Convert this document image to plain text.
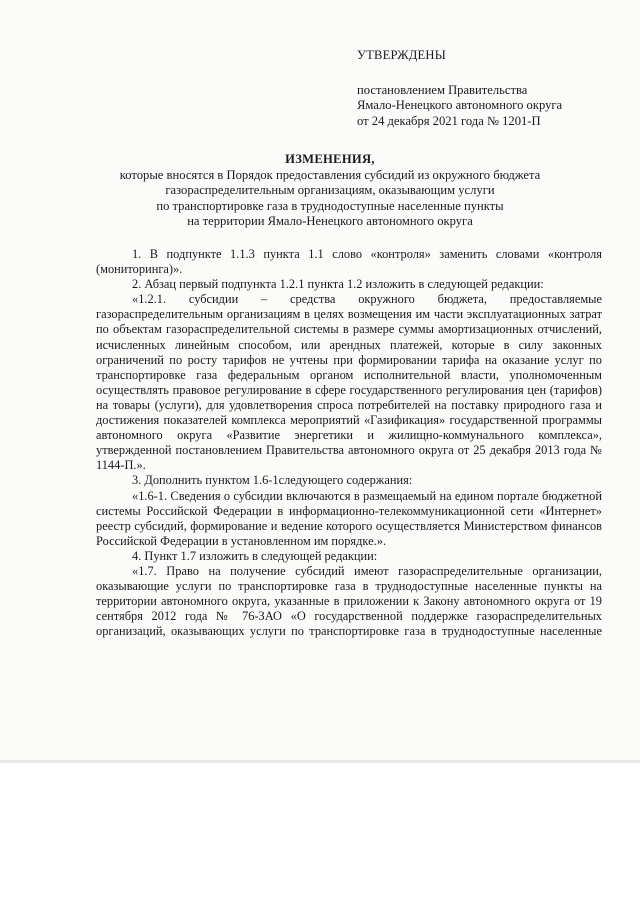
УТВЕРЖДЕНЫ
постановлением Правительства
Ямало-Ненецкого автономного округа
от 24 декабря 2021 года № 1201-П
ИЗМЕНЕНИЯ,
которые вносятся в Порядок предоставления субсидий из окружного бюджета
газораспределительным организациям, оказывающим услуги
по транспортировке газа в труднодоступные населенные пункты
на территории Ямало-Ненецкого автономного округа

1. В подпункте 1.1.3 пункта 1.1 слово «контроля» заменить словами «контроля (мониторинга)».

2. Абзац первый подпункта 1.2.1 пункта 1.2 изложить в следующей редакции:

«1.2.1. субсидии – средства окружного бюджета, предоставляемые газораспределительным организациям в целях возмещения им части эксплуатационных затрат по объектам газораспределительной системы в размере суммы амортизационных отчислений, исчисленных линейным способом, или арендных платежей, которые в силу законных ограничений по росту тарифов не учтены при формировании тарифа на оказание услуг по транспортировке газа федеральным органом исполнительной власти, уполномоченным осуществлять правовое регулирование в сфере государственного регулирования цен (тарифов) на товары (услуги), для удовлетворения спроса потребителей на поставку природного газа и достижения показателей комплекса мероприятий «Газификация» государственной программы автономного округа «Развитие энергетики и жилищно-коммунального комплекса», утвержденной постановлением Правительства автономного округа от 25 декабря 2013 года № 1144-П.».

3. Дополнить пунктом 1.6-1следующего содержания:

«1.6-1. Сведения о субсидии включаются в размещаемый на едином портале бюджетной системы Российской Федерации в информационно-телекоммуникационной сети «Интернет» реестр субсидий, формирование и ведение которого осуществляется Министерством финансов Российской Федерации в установленном им порядке.».

4. Пункт 1.7 изложить в следующей редакции:

«1.7. Право на получение субсидий имеют газораспределительные организации, оказывающие услуги по транспортировке газа в труднодоступные населенные пункты на территории автономного округа, указанные в приложении к Закону автономного округа от 19 сентября 2012 года № 76-ЗАО «О государственной поддержке газораспределительных организаций, оказывающих услуги по транспортировке газа в труднодоступные населенные
